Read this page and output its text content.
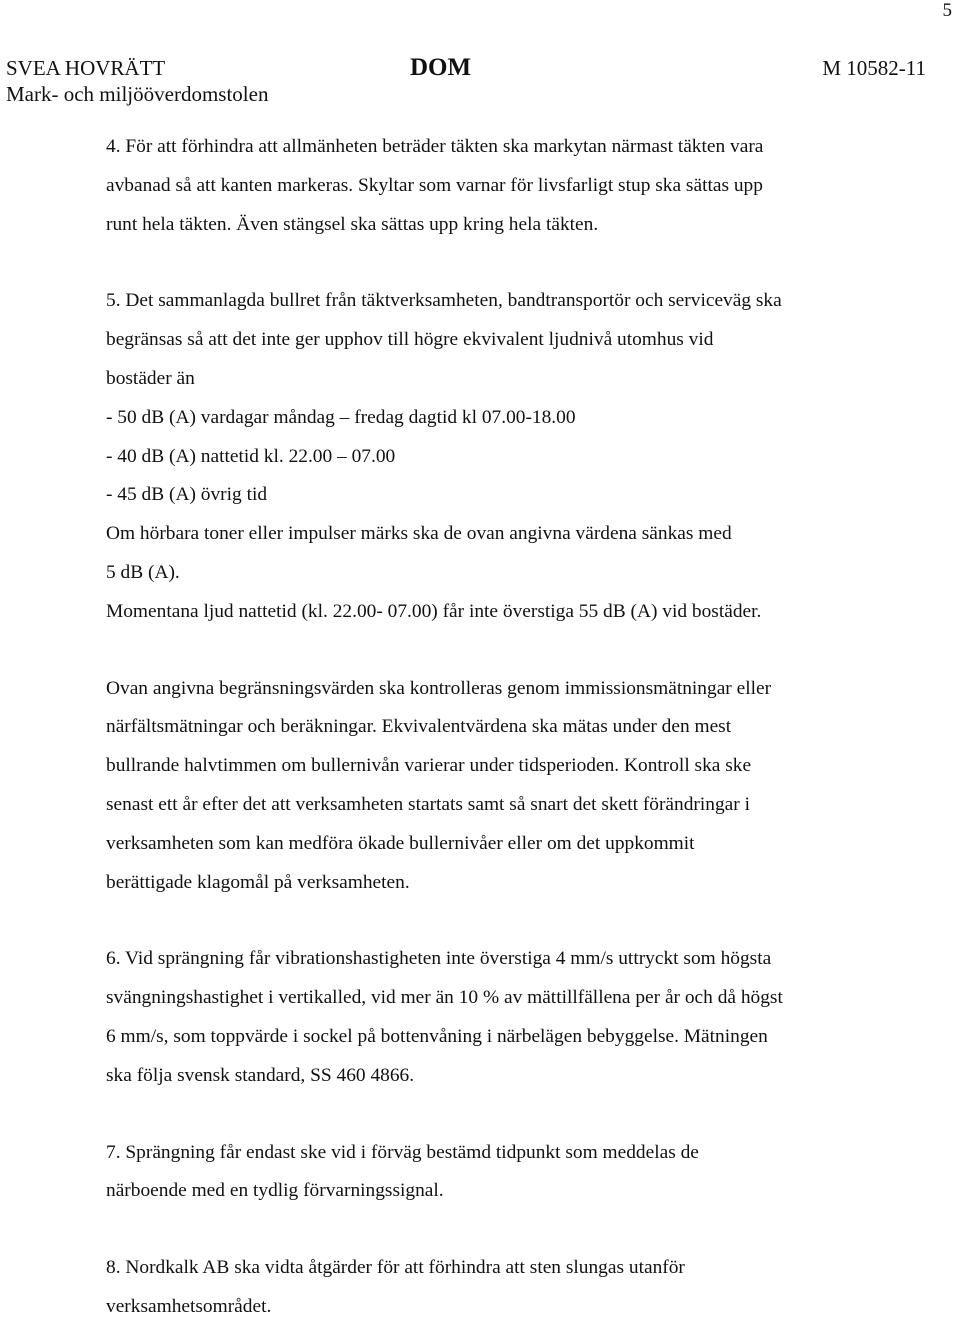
5
SVEA HOVRÄTT
Mark- och miljööverdomstolen
DOM	M 10582-11

4. För att förhindra att allmänheten beträder täkten ska markytan närmast täkten vara
avbanad så att kanten markeras. Skyltar som varnar för livsfarligt stup ska sättas upp
runt hela täkten. Även stängsel ska sättas upp kring hela täkten.

5. Det sammanlagda bullret från täktverksamheten, bandtransportör och serviceväg ska
begränsas så att det inte ger upphov till högre ekvivalent ljudnivå utomhus vid
bostäder än

- 50 dB (A) vardagar måndag – fredag dagtid kl 07.00-18.00

- 40 dB (A) nattetid kl. 22.00 – 07.00

- 45 dB (A) övrig tid

Om hörbara toner eller impulser märks ska de ovan angivna värdena sänkas med
5 dB (A).

Momentana ljud nattetid (kl. 22.00- 07.00) får inte överstiga 55 dB (A) vid bostäder.

Ovan angivna begränsningsvärden ska kontrolleras genom immissionsmätningar eller
närfältsmätningar och beräkningar. Ekvivalentvärdena ska mätas under den mest
bullrande halvtimmen om bullernivån varierar under tidsperioden. Kontroll ska ske
senast ett år efter det att verksamheten startats samt så snart det skett förändringar i
verksamheten som kan medföra ökade bullernivåer eller om det uppkommit
berättigade klagomål på verksamheten.

6. Vid sprängning får vibrationshastigheten inte överstiga 4 mm/s uttryckt som högsta
svängningshastighet i vertikalled, vid mer än 10 % av mättillfällena per år och då högst
6 mm/s, som toppvärde i sockel på bottenvåning i närbelägen bebyggelse. Mätningen
ska följa svensk standard, SS 460 4866.

7. Sprängning får endast ske vid i förväg bestämd tidpunkt som meddelas de
närboende med en tydlig förvarningssignal.

8. Nordkalk AB ska vidta åtgärder för att förhindra att sten slungas utanför
verksamhetsområdet.
